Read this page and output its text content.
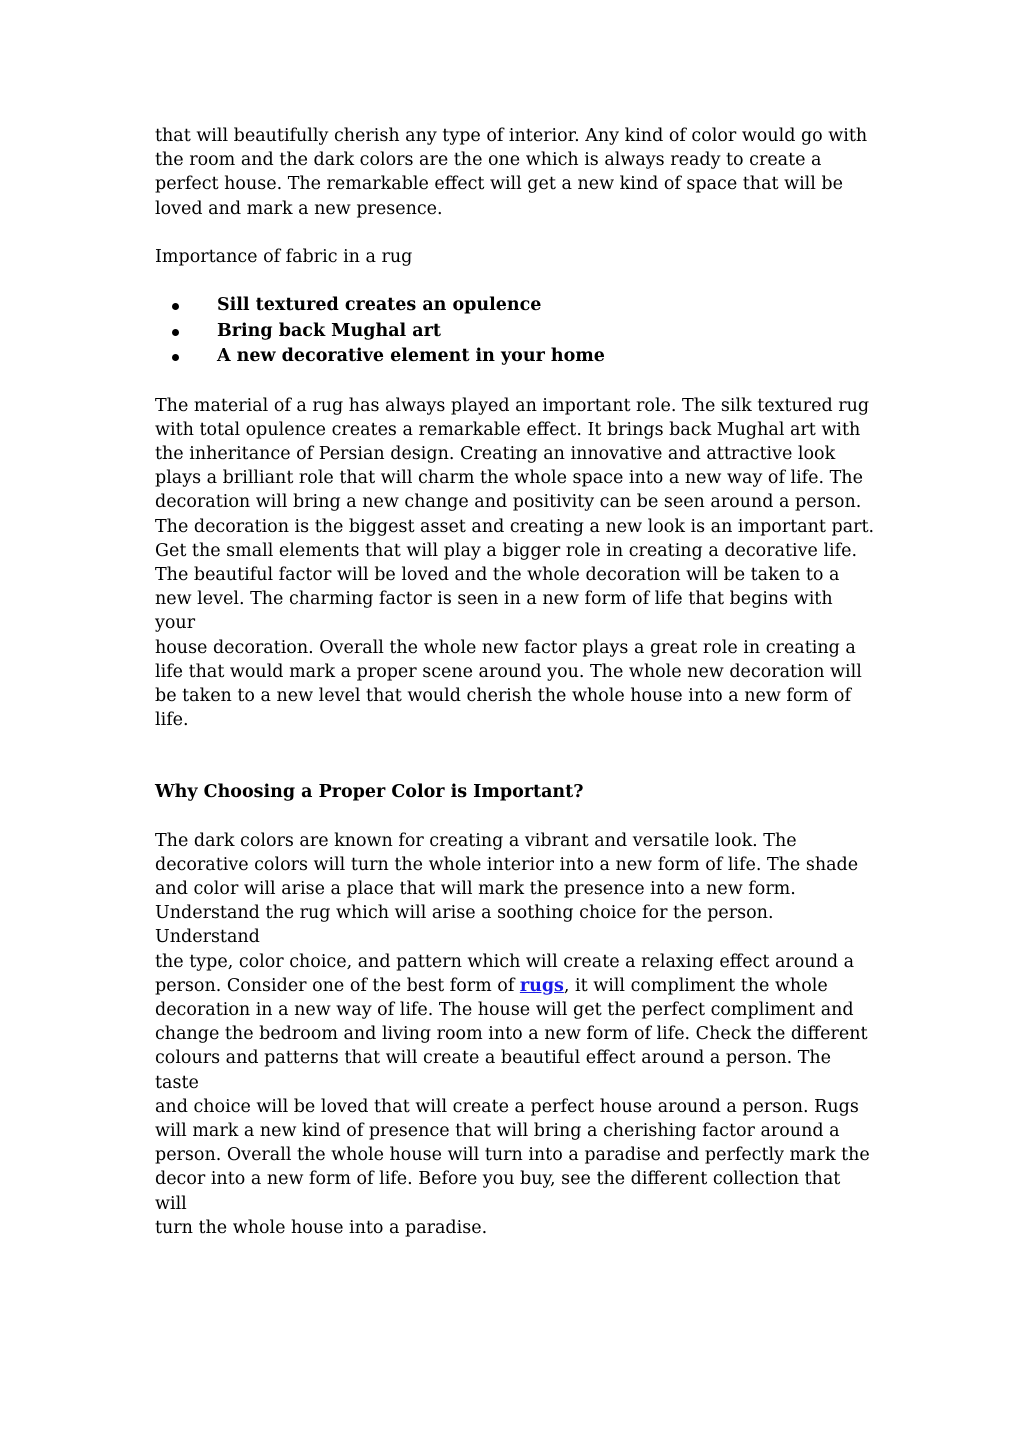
that will beautifully cherish any type of interior. Any kind of color would go with
the room and the dark colors are the one which is always ready to create a
perfect house. The remarkable effect will get a new kind of space that will be
loved and mark a new presence.

Importance of fabric in a rug

Sill textured creates an opulence
Bring back Mughal art
A new decorative element in your home

The material of a rug has always played an important role. The silk textured rug
with total opulence creates a remarkable effect. It brings back Mughal art with
the inheritance of Persian design. Creating an innovative and attractive look
plays a brilliant role that will charm the whole space into a new way of life. The
decoration will bring a new change and positivity can be seen around a person.
The decoration is the biggest asset and creating a new look is an important part.
Get the small elements that will play a bigger role in creating a decorative life.
The beautiful factor will be loved and the whole decoration will be taken to a
new level. The charming factor is seen in a new form of life that begins with your
house decoration. Overall the whole new factor plays a great role in creating a
life that would mark a proper scene around you. The whole new decoration will
be taken to a new level that would cherish the whole house into a new form of
life.

Why Choosing a Proper Color is Important?

The dark colors are known for creating a vibrant and versatile look. The
decorative colors will turn the whole interior into a new form of life. The shade
and color will arise a place that will mark the presence into a new form.
Understand the rug which will arise a soothing choice for the person. Understand
the type, color choice, and pattern which will create a relaxing effect around a
person. Consider one of the best form of rugs, it will compliment the whole
decoration in a new way of life. The house will get the perfect compliment and
change the bedroom and living room into a new form of life. Check the different
colours and patterns that will create a beautiful effect around a person. The taste
and choice will be loved that will create a perfect house around a person. Rugs
will mark a new kind of presence that will bring a cherishing factor around a
person. Overall the whole house will turn into a paradise and perfectly mark the
decor into a new form of life. Before you buy, see the different collection that will
turn the whole house into a paradise.
